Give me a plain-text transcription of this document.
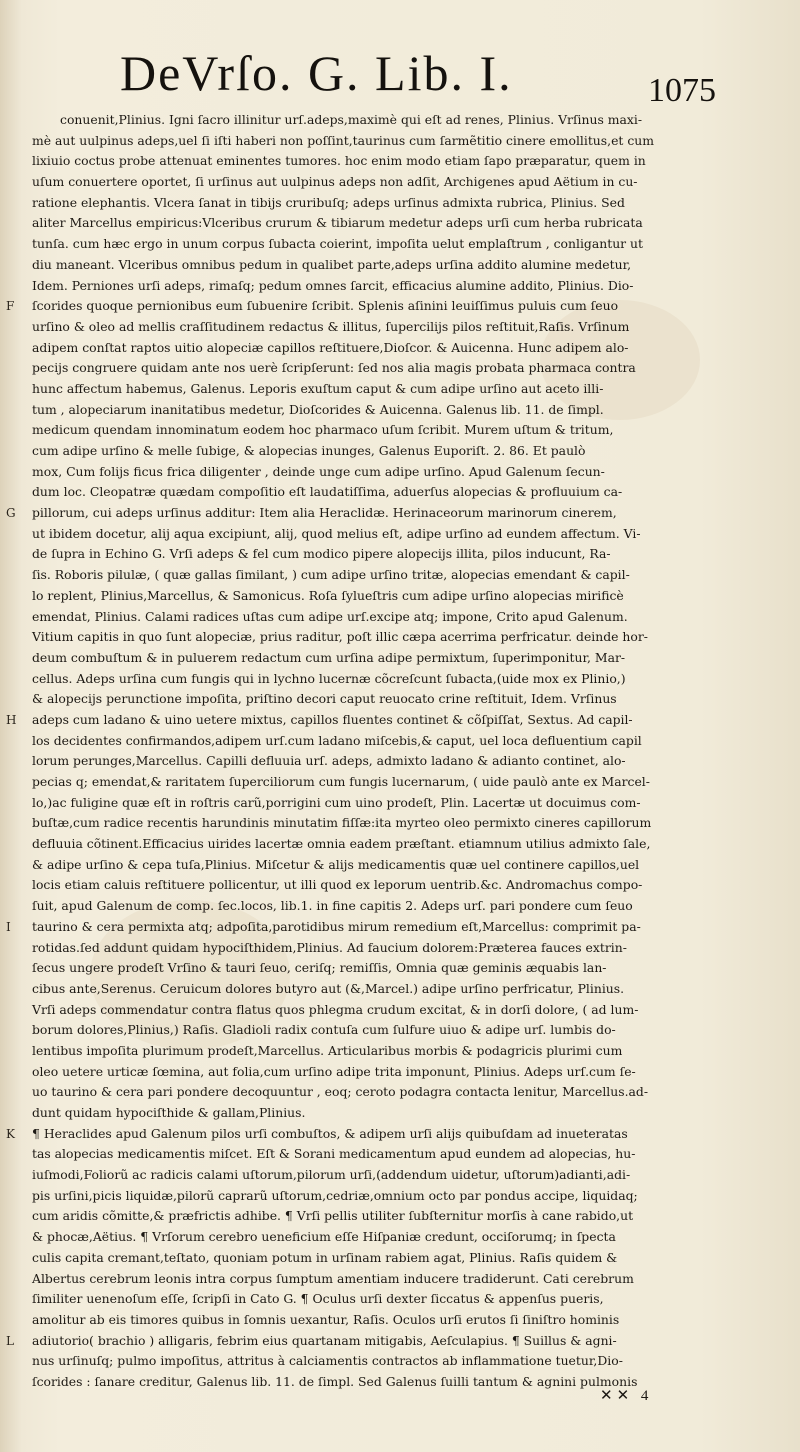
DeVrſo. G. Lib. I.	1075
conuenit,Plinius. Igni ſacro illinitur urſ.adeps,maximè qui eſt ad renes, Plinius. Vrſinus maxi-
mè aut uulpinus adeps,uel ſi iſti haberi non poſſint,taurinus cum ſarmẽtitio cinere emollitus,et cum
lixiuio coctus probe attenuat eminentes tumores. hoc enim modo etiam ſapo præparatur, quem in
uſum conuertere oportet, ſi urſinus aut uulpinus adeps non adſit, Archigenes apud Aëtium in cu-
ratione elephantis. Vlcera ſanat in tibijs cruribuſq; adeps urſinus admixta rubrica, Plinius. Sed
aliter Marcellus empiricus:Vlceribus crurum & tibiarum medetur adeps urſi cum herba rubricata
tunſa. cum hæc ergo in unum corpus ſubacta coierint, impoſita uelut emplaſtrum , conligantur ut
diu maneant. Vlceribus omnibus pedum in qualibet parte,adeps urſina addito alumine medetur,
Idem. Perniones urſi adeps, rimaſq; pedum omnes ſarcit, efficacius alumine addito, Plinius. Dio-
F ſcorides quoque pernionibus eum ſubuenire ſcribit. Splenis aſinini leuiſſimus puluis cum ſeuo
urſino & oleo ad mellis craſſitudinem redactus & illitus, ſupercilijs pilos reſtituit,Raſis. Vrſinum
adipem conſtat raptos uitio alopeciæ capillos reſtituere,Dioſcor. & Auicenna. Hunc adipem alo-
pecijs congruere quidam ante nos uerè ſcripſerunt: ſed nos alia magis probata pharmaca contra
hunc affectum habemus, Galenus. Leporis exuſtum caput & cum adipe urſino aut aceto illi-
tum , alopeciarum inanitatibus medetur, Dioſcorides & Auicenna. Galenus lib. 11. de ſimpl.
medicum quendam innominatum eodem hoc pharmaco uſum ſcribit. Murem uſtum & tritum,
cum adipe urſino & melle ſubige, & alopecias inunges, Galenus Euporiſt. 2. 86. Et paulò
mox, Cum folijs ficus frica diligenter , deinde unge cum adipe urſino. Apud Galenum ſecun-
dum loc. Cleopatræ quædam compoſitio eſt laudatiſſima, aduerſus alopecias & profluuium ca-
G pillorum, cui adeps urſinus additur: Item alia Heraclidæ. Herinaceorum marinorum cinerem,
ut ibidem docetur, alij aqua excipiunt, alij, quod melius eſt, adipe urſino ad eundem affectum. Vi-
de ſupra in Echino G. Vrſi adeps & fel cum modico pipere alopecijs illita, pilos inducunt, Ra-
ſis. Roboris pilulæ, ( quæ gallas ſimilant, ) cum adipe urſino tritæ, alopecias emendant & capil-
lo replent, Plinius,Marcellus, & Samonicus. Roſa ſylueſtris cum adipe urſino alopecias mirificè
emendat, Plinius. Calami radices uſtas cum adipe urſ.excipe atq; impone, Crito apud Galenum.
Vitium capitis in quo ſunt alopeciæ, prius raditur, poſt illic cæpa acerrima perfricatur. deinde hor-
deum combuſtum & in puluerem redactum cum urſina adipe permixtum, ſuperimponitur, Mar-
cellus. Adeps urſina cum fungis qui in lychno lucernæ cõcreſcunt ſubacta,(uide mox ex Plinio,)
& alopecijs perunctione impoſita, priſtino decori caput reuocato crine reſtituit, Idem. Vrſinus
H adeps cum ladano & uino uetere mixtus, capillos fluentes continet & cõſpiſſat, Sextus. Ad capil-
los decidentes confirmandos,adipem urſ.cum ladano miſcebis,& caput, uel loca defluentium capil
lorum perunges,Marcellus. Capilli defluuia urſ. adeps, admixto ladano & adianto continet, alo-
pecias q; emendat,& raritatem ſuperciliorum cum fungis lucernarum, ( uide paulò ante ex Marcel-
lo,)ac fuligine quæ eſt in roſtris carũ,porrigini cum uino prodeſt, Plin. Lacertæ ut docuimus com-
buſtæ,cum radice recentis harundinis minutatim fiſſæ:ita myrteo oleo permixto cineres capillorum
defluuia cõtinent.Efficacius uirides lacertæ omnia eadem præſtant. etiamnum utilius admixto ſale,
& adipe urſino & cepa tuſa,Plinius. Miſcetur & alijs medicamentis quæ uel continere capillos,uel
locis etiam caluis reſtituere pollicentur, ut illi quod ex leporum uentrib.&c. Andromachus compo-
ſuit, apud Galenum de comp. ſec.locos, lib.1. in fine capitis 2. Adeps urſ. pari pondere cum ſeuo
I taurino & cera permixta atq; adpoſita,parotidibus mirum remedium eſt,Marcellus: comprimit pa-
rotidas.ſed addunt quidam hypociſthidem,Plinius. Ad faucium dolorem:Præterea fauces extrin-
ſecus ungere prodeſt Vrſino & tauri ſeuo, ceriſq; remiſſis, Omnia quæ geminis æquabis lan-
cibus ante,Serenus. Ceruicum dolores butyro aut (&,Marcel.) adipe urſino perfricatur, Plinius.
Vrſi adeps commendatur contra flatus quos phlegma crudum excitat, & in dorſi dolore, ( ad lum-
borum dolores,Plinius,) Raſis. Gladioli radix contuſa cum ſulfure uiuo & adipe urſ. lumbis do-
lentibus impoſita plurimum prodeſt,Marcellus. Articularibus morbis & podagricis plurimi cum
oleo uetere urticæ ſœmina, aut folia,cum urſino adipe trita imponunt, Plinius. Adeps urſ.cum ſe-
uo taurino & cera pari pondere decoquuntur , eoq; ceroto podagra contacta lenitur, Marcellus.ad-
dunt quidam hypociſthide & gallam,Plinius.
K ¶ Heraclides apud Galenum pilos urſi combuſtos, & adipem urſi alijs quibuſdam ad inueteratas
tas alopecias medicamentis miſcet. Eſt & Sorani medicamentum apud eundem ad alopecias, hu-
iuſmodi,Foliorũ ac radicis calami uſtorum,pilorum urſi,(addendum uidetur, uſtorum)adianti,adi-
pis urſini,picis liquidæ,pilorũ caprarũ uſtorum,cedriæ,omnium octo par pondus accipe, liquidaq;
cum aridis cõmitte,& præfrictis adhibe. ¶ Vrſi pellis utiliter ſubſternitur morſis à cane rabido,ut
& phocæ,Aëtius. ¶ Vrſorum cerebro ueneficium eſſe Hiſpaniæ credunt, occiſorumq; in ſpecta
culis capita cremant,teſtato, quoniam potum in urſinam rabiem agat, Plinius. Raſis quidem &
Albertus cerebrum leonis intra corpus ſumptum amentiam inducere tradiderunt. Cati cerebrum
ſimiliter uenenoſum eſſe, ſcripſi in Cato G. ¶ Oculus urſi dexter ſiccatus & appenſus pueris,
amolitur ab eis timores quibus in ſomnis uexantur, Raſis. Oculos urſi erutos ſi ſiniſtro hominis
L adiutorio( brachio ) alligaris, febrim eius quartanam mitigabis, Aeſculapius. ¶ Suillus & agni-
nus urſinuſq; pulmo impoſitus, attritus à calciamentis contractos ab inflammatione tuetur,Dio-
ſcorides : ſanare creditur, Galenus lib. 11. de ſimpl. Sed Galenus ſuilli tantum & agnini pulmonis
✕✕ 4
